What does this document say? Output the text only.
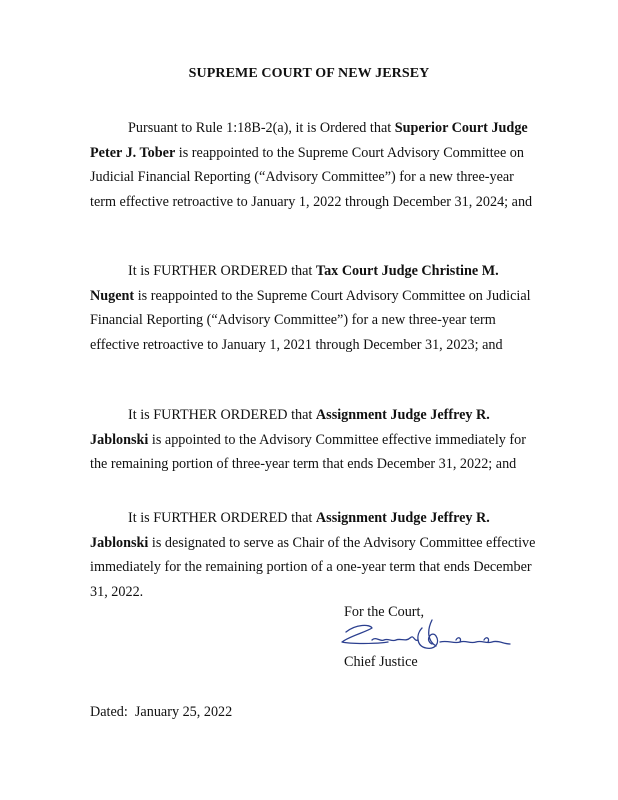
SUPREME COURT OF NEW JERSEY

Pursuant to Rule 1:18B-2(a), it is Ordered that Superior Court Judge Peter J. Tober is reappointed to the Supreme Court Advisory Committee on Judicial Financial Reporting (“Advisory Committee”) for a new three-year term effective retroactive to January 1, 2022 through December 31, 2024; and

It is FURTHER ORDERED that Tax Court Judge Christine M. Nugent is reappointed to the Supreme Court Advisory Committee on Judicial Financial Reporting (“Advisory Committee”) for a new three-year term effective retroactive to January 1, 2021 through December 31, 2023; and

It is FURTHER ORDERED that Assignment Judge Jeffrey R. Jablonski is appointed to the Advisory Committee effective immediately for the remaining portion of three-year term that ends December 31, 2022; and

It is FURTHER ORDERED that Assignment Judge Jeffrey R. Jablonski is designated to serve as Chair of the Advisory Committee effective immediately for the remaining portion of a one-year term that ends December 31, 2022.

For the Court,
Chief Justice
Dated:  January 25, 2022
